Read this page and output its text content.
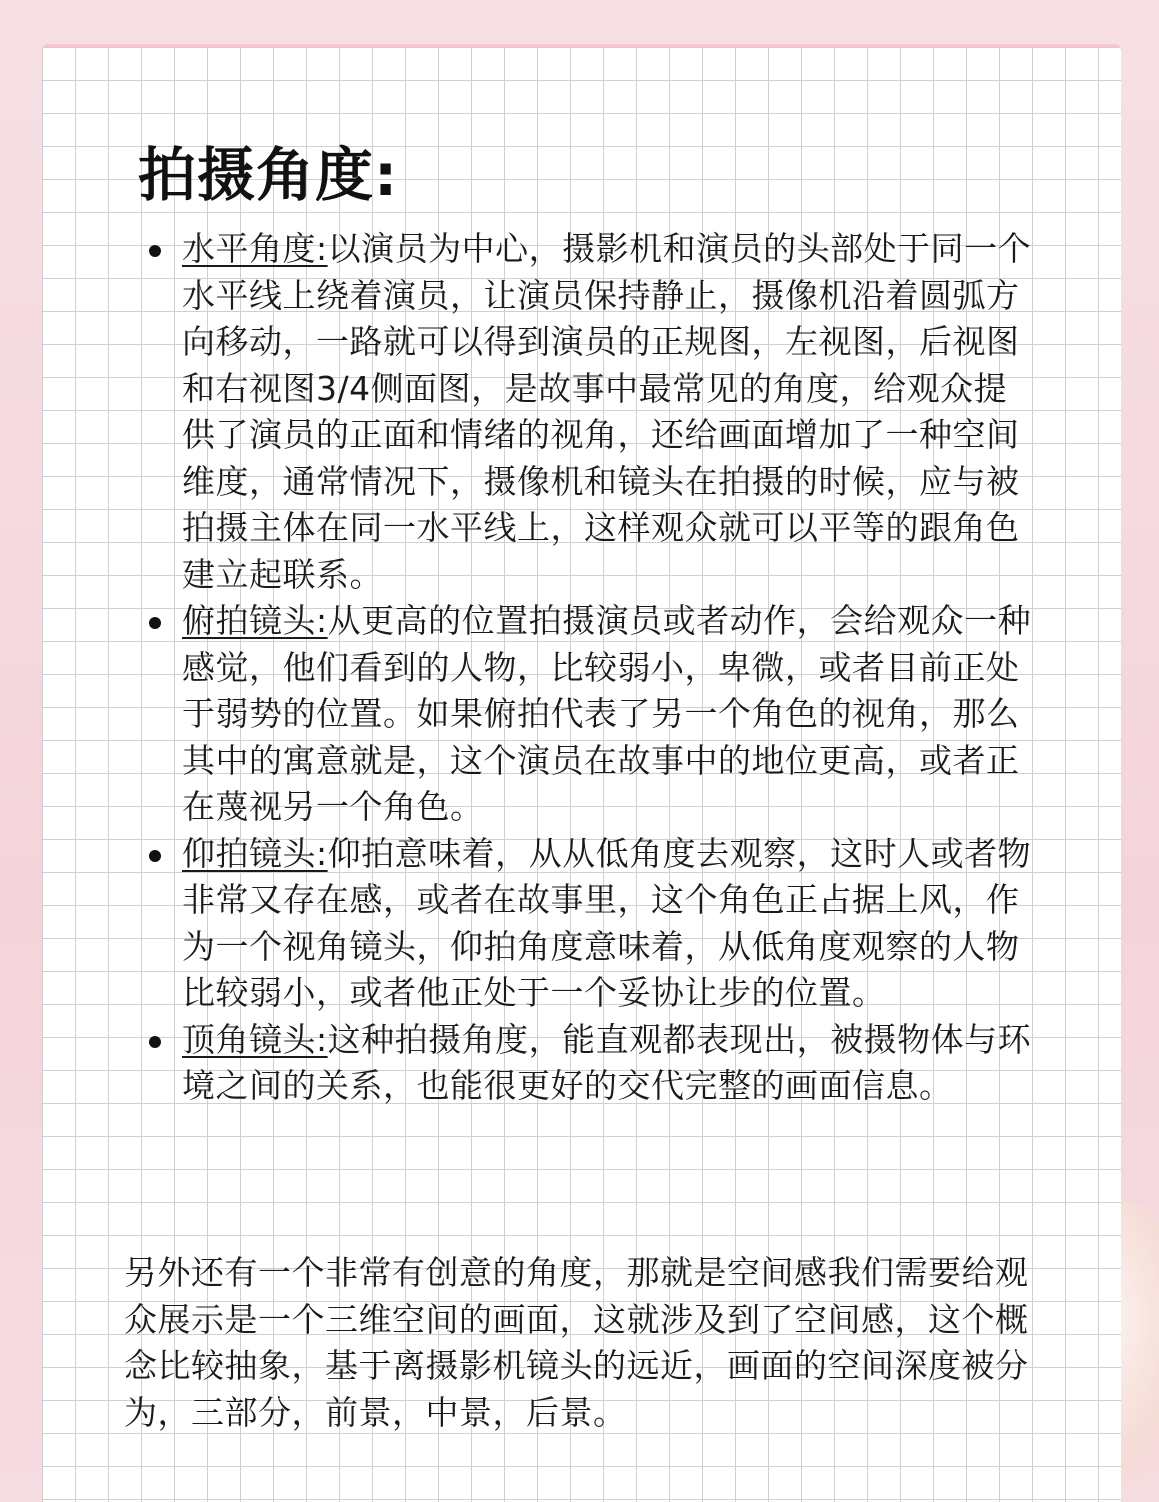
拍摄角度:
水平角度:以演员为中心，摄影机和演员的头部处于同一个水平线上绕着演员，让演员保持静止，摄像机沿着圆弧方向移动，一路就可以得到演员的正规图，左视图，后视图和右视图3/4侧面图，是故事中最常见的角度，给观众提供了演员的正面和情绪的视角，还给画面增加了一种空间维度，通常情况下，摄像机和镜头在拍摄的时候，应与被拍摄主体在同一水平线上，这样观众就可以平等的跟角色建立起联系。
俯拍镜头:从更高的位置拍摄演员或者动作，会给观众一种感觉，他们看到的人物，比较弱小，卑微，或者目前正处于弱势的位置。如果俯拍代表了另一个角色的视角，那么其中的寓意就是，这个演员在故事中的地位更高，或者正在蔑视另一个角色。
仰拍镜头:仰拍意味着，从从低角度去观察，这时人或者物非常又存在感，或者在故事里，这个角色正占据上风，作为一个视角镜头，仰拍角度意味着，从低角度观察的人物比较弱小，或者他正处于一个妥协让步的位置。
顶角镜头:这种拍摄角度，能直观都表现出，被摄物体与环境之间的关系，也能很更好的交代完整的画面信息。

另外还有一个非常有创意的角度，那就是空间感我们需要给观众展示是一个三维空间的画面，这就涉及到了空间感，这个概念比较抽象，基于离摄影机镜头的远近，画面的空间深度被分为，三部分，前景，中景，后景。
